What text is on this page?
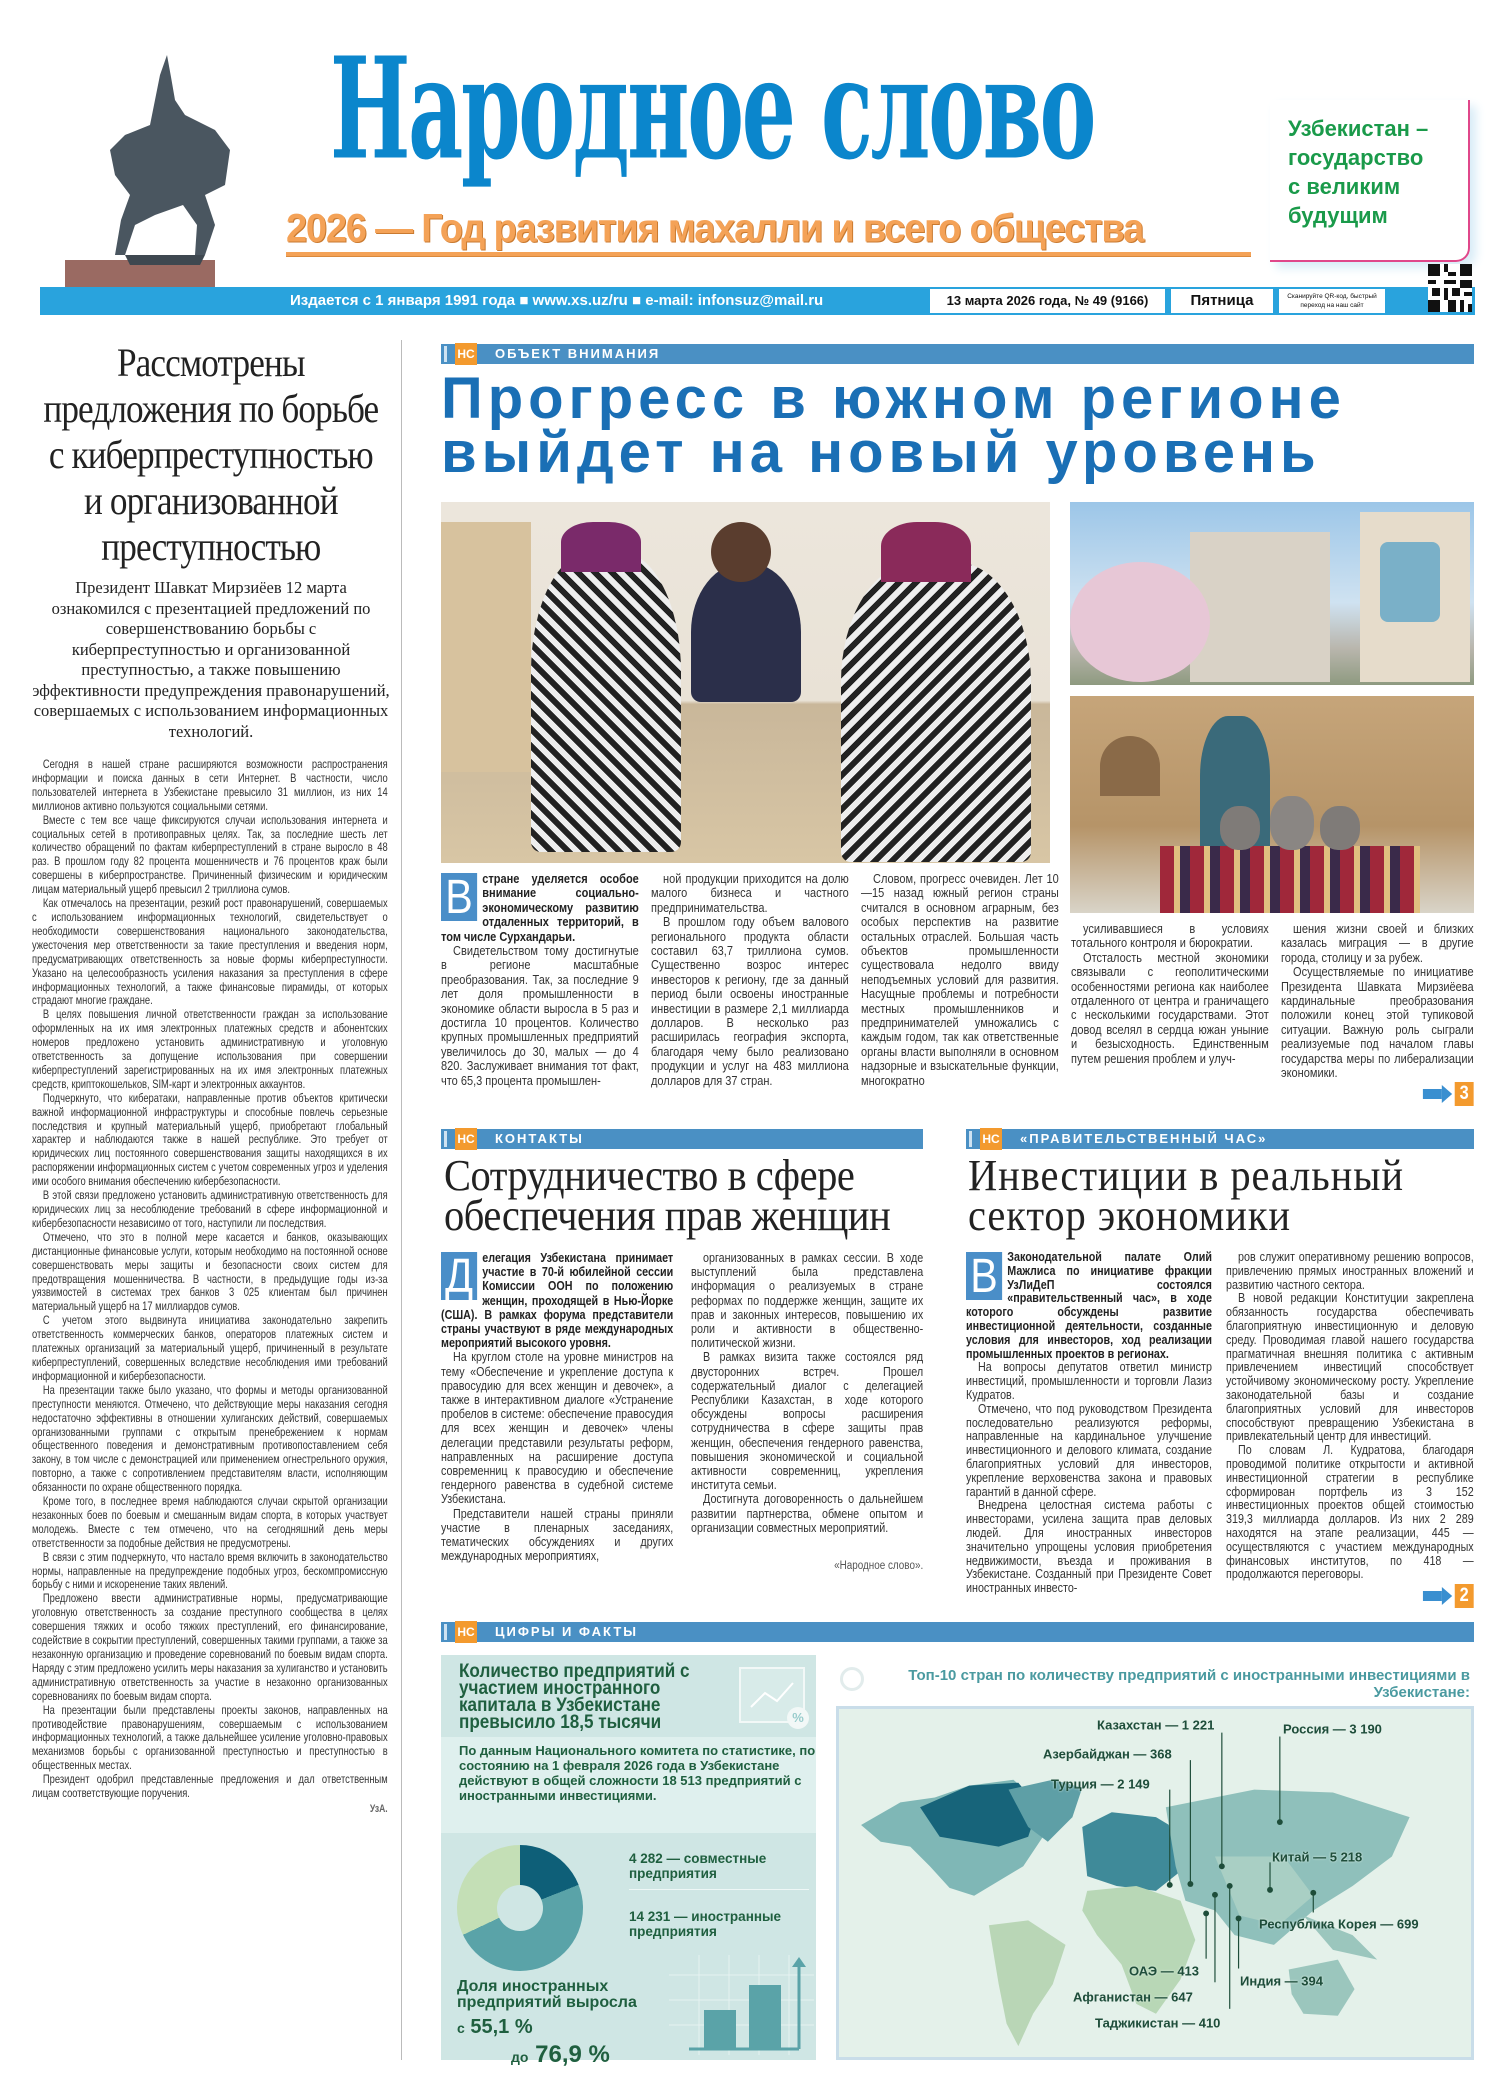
Народное слово
2026 — Год развития махалли и всего общества
Узбекистан –
государство
с великим
будущим
Издается с 1 января 1991 года ■ www.xs.uz/ru ■ e-mail: infonsuz@mail.ru	13 марта 2026 года, № 49 (9166)	Пятница	Сканируйте QR-код, быстрый переход на наш сайт
Рассмотрены
предложения по борьбе
с киберпреступностью
и организованной
преступностью
Президент Шавкат Мирзиёев 12 марта ознакомился с презентацией предложений по совершенствованию борьбы с киберпреступностью и организованной преступностью, а также повышению эффективности предупреждения правонарушений, совершаемых с использованием информационных технологий.

Сегодня в нашей стране расширяются возможности распространения информации и поиска данных в сети Интернет. В частности, число пользователей интернета в Узбекистане превысило 31 миллион, из них 14 миллионов активно пользуются социальными сетями.

Вместе с тем все чаще фиксируются случаи использования интернета и социальных сетей в противоправных целях. Так, за последние шесть лет количество обращений по фактам киберпреступлений в стране выросло в 48 раз. В прошлом году 82 процента мошенничеств и 76 процентов краж были совершены в киберпространстве. Причиненный физическим и юридическим лицам материальный ущерб превысил 2 триллиона сумов.

Как отмечалось на презентации, резкий рост правонарушений, совершаемых с использованием информационных технологий, свидетельствует о необходимости совершенствования национального законодательства, ужесточения мер ответственности за такие преступления и введения норм, предусматривающих ответственность за новые формы киберпреступности. Указано на целесообразность усиления наказания за преступления в сфере информационных технологий, а также финансовые пирамиды, от которых страдают многие граждане.

В целях повышения личной ответственности граждан за использование оформленных на их имя электронных платежных средств и абонентских номеров предложено установить административную и уголовную ответственность за допущение использования при совершении киберпреступлений зарегистрированных на их имя электронных платежных средств, криптокошельков, SIM-карт и электронных аккаунтов.

Подчеркнуто, что кибератаки, направленные против объектов критически важной информационной инфраструктуры и способные повлечь серьезные последствия и крупный материальный ущерб, приобретают глобальный характер и наблюдаются также в нашей республике. Это требует от юридических лиц постоянного совершенствования защиты находящихся в их распоряжении информационных систем с учетом современных угроз и уделения ими особого внимания обеспечению кибербезопасности.

В этой связи предложено установить административную ответственность для юридических лиц за несоблюдение требований в сфере информационной и кибербезопасности независимо от того, наступили ли последствия.

Отмечено, что это в полной мере касается и банков, оказывающих дистанционные финансовые услуги, которым необходимо на постоянной основе совершенствовать меры защиты и безопасности своих систем для предотвращения мошенничества. В частности, в предыдущие годы из-за уязвимостей в системах трех банков 3 025 клиентам был причинен материальный ущерб на 17 миллиардов сумов.

С учетом этого выдвинута инициатива законодательно закрепить ответственность коммерческих банков, операторов платежных систем и платежных организаций за материальный ущерб, причиненный в результате киберпреступлений, совершенных вследствие несоблюдения ими требований информационной и кибербезопасности.

На презентации также было указано, что формы и методы организованной преступности меняются. Отмечено, что действующие меры наказания сегодня недостаточно эффективны в отношении хулиганских действий, совершаемых организованными группами с открытым пренебрежением к нормам общественного поведения и демонстративным противопоставлением себя закону, в том числе с демонстрацией или применением огнестрельного оружия, повторно, а также с сопротивлением представителям власти, исполняющим обязанности по охране общественного порядка.

Кроме того, в последнее время наблюдаются случаи скрытой организации незаконных боев по боевым и смешанным видам спорта, в которых участвует молодежь. Вместе с тем отмечено, что на сегодняшний день меры ответственности за подобные действия не предусмотрены.

В связи с этим подчеркнуто, что настало время включить в законодательство нормы, направленные на предупреждение подобных угроз, бескомпромиссную борьбу с ними и искоренение таких явлений.

Предложено ввести административные нормы, предусматривающие уголовную ответственность за создание преступного сообщества в целях совершения тяжких и особо тяжких преступлений, его финансирование, содействие в сокрытии преступлений, совершенных такими группами, а также за незаконную организацию и проведение соревнований по боевым видам спорта. Наряду с этим предложено усилить меры наказания за хулиганство и установить административную ответственность за участие в незаконно организованных соревнованиях по боевым видам спорта.

На презентации были представлены проекты законов, направленных на противодействие правонарушениям, совершаемым с использованием информационных технологий, а также дальнейшее усиление уголовно-правовых механизмов борьбы с организованной преступностью и преступностью в общественных местах.

Президент одобрил представленные предложения и дал ответственным лицам соответствующие поручения.

УзА.
НС ОБЪЕКТ ВНИМАНИЯ
Прогресс в южном регионе
выйдет на новый уровень

В стране уделяется особое внимание социально-экономическому развитию отдаленных территорий, в том числе Сурхандарьи.

Свидетельством тому достигнутые в регионе масштабные преобразования. Так, за последние 9 лет доля промышленности в экономике области выросла в 5 раз и достигла 10 процентов. Количество крупных промышленных предприятий увеличилось до 30, малых — до 4 820. Заслуживает внимания тот факт, что 65,3 процента промышлен-

ной продукции приходится на долю малого бизнеса и частного предпринимательства.

В прошлом году объем валового регионального продукта области составил 63,7 триллиона сумов. Существенно возрос интерес инвесторов к региону, где за данный период были освоены иностранные инвестиции в размере 2,1 миллиарда долларов. В несколько раз расширилась география экспорта, благодаря чему было реализовано продукции и услуг на 483 миллиона долларов для 37 стран.

Словом, прогресс очевиден. Лет 10—15 назад южный регион страны считался в основном аграрным, без особых перспектив на развитие остальных отраслей. Большая часть объектов промышленности существовала недолго ввиду неподъемных условий для развития. Насущные проблемы и потребности местных промышленников и предпринимателей умножались с каждым годом, так как ответственные органы власти выполняли в основном надзорные и взыскательные функции, многократно

усиливавшиеся в условиях тотального контроля и бюрократии.

Отсталость местной экономики связывали с геополитическими особенностями региона как наиболее отдаленного от центра и граничащего с несколькими государствами. Этот довод вселял в сердца южан уныние и безысходность. Единственным путем решения проблем и улуч-

шения жизни своей и близких казалась миграция — в другие города, столицу и за рубеж.

Осуществляемые по инициативе Президента Шавката Мирзиёева кардинальные преобразования положили конец этой тупиковой ситуации. Важную роль сыграли реализуемые под началом главы государства меры по либерализации экономики.

3
НС КОНТАКТЫ
Сотрудничество в сфере
обеспечения прав женщин

Д елегация Узбекистана принимает участие в 70-й юбилейной сессии Комиссии ООН по положению женщин, проходящей в Нью-Йорке (США). В рамках форума представители страны участвуют в ряде международных мероприятий высокого уровня.

На круглом столе на уровне министров на тему «Обеспечение и укрепление доступа к правосудию для всех женщин и девочек», а также в интерактивном диалоге «Устранение пробелов в системе: обеспечение правосудия для всех женщин и девочек» члены делегации представили результаты реформ, направленных на расширение доступа современниц к правосудию и обеспечение гендерного равенства в судебной системе Узбекистана.

Представители нашей страны приняли участие в пленарных заседаниях, тематических обсуждениях и других международных мероприятиях,

организованных в рамках сессии. В ходе выступлений была представлена информация о реализуемых в стране реформах по поддержке женщин, защите их прав и законных интересов, повышению их роли и активности в общественно-политической жизни.

В рамках визита также состоялся ряд двусторонних встреч. Прошел содержательный диалог с делегацией Республики Казахстан, в ходе которого обсуждены вопросы расширения сотрудничества в сфере защиты прав женщин, обеспечения гендерного равенства, повышения экономической и социальной активности современниц, укрепления института семьи.

Достигнута договоренность о дальнейшем развитии партнерства, обмене опытом и организации совместных мероприятий.

«Народное слово».
НС «ПРАВИТЕЛЬСТВЕННЫЙ ЧАС»
Инвестиции в реальный
сектор экономики

В Законодательной палате Олий Мажлиса по инициативе фракции УзЛиДеП состоялся «правительственный час», в ходе которого обсуждены развитие инвестиционной деятельности, созданные условия для инвесторов, ход реализации промышленных проектов в регионах.

На вопросы депутатов ответил министр инвестиций, промышленности и торговли Лазиз Кудратов.

Отмечено, что под руководством Президента последовательно реализуются реформы, направленные на кардинальное улучшение инвестиционного и делового климата, создание благоприятных условий для инвесторов, укрепление верховенства закона и правовых гарантий в данной сфере.

Внедрена целостная система работы с инвесторами, усилена защита прав деловых людей. Для иностранных инвесторов значительно упрощены условия приобретения недвижимости, въезда и проживания в Узбекистане. Созданный при Президенте Совет иностранных инвесто-

ров служит оперативному решению вопросов, привлечению прямых иностранных вложений и развитию частного сектора.

В новой редакции Конституции закреплена обязанность государства обеспечивать благоприятную инвестиционную и деловую среду. Проводимая главой нашего государства прагматичная внешняя политика с активным привлечением инвестиций способствует устойчивому экономическому росту. Укрепление законодательной базы и создание благоприятных условий для инвесторов способствуют превращению Узбекистана в привлекательный центр для инвестиций.

По словам Л. Кудратова, благодаря проводимой политике открытости и активной инвестиционной стратегии в республике сформирован портфель из 3 152 инвестиционных проектов общей стоимостью 319,3 миллиарда долларов. Из них 2 289 находятся на этапе реализации, 445 — осуществляются с участием международных финансовых институтов, по 418 — продолжаются переговоры.

2
НС ЦИФРЫ И ФАКТЫ
Количество предприятий с участием иностранного капитала в Узбекистане превысило 18,5 тысячи	%
По данным Национального комитета по статистике, по состоянию на 1 февраля 2026 года в Узбекистане действуют в общей сложности 18 513 предприятий с иностранными инвестициями.
4 282 — совместные предприятия
14 231 — иностранные предприятия
Доля иностранных предприятий выросла
с 55,1 %
до 76,9 %
Топ-10 стран по количеству предприятий с иностранными инвестициями в Узбекистане:
Казахстан — 1 221	Россия — 3 190
Азербайджан — 368
Турция — 2 149
Китай — 5 218
Республика Корея — 699
ОАЭ — 413
Индия — 394
Афганистан — 647
Таджикистан — 410
